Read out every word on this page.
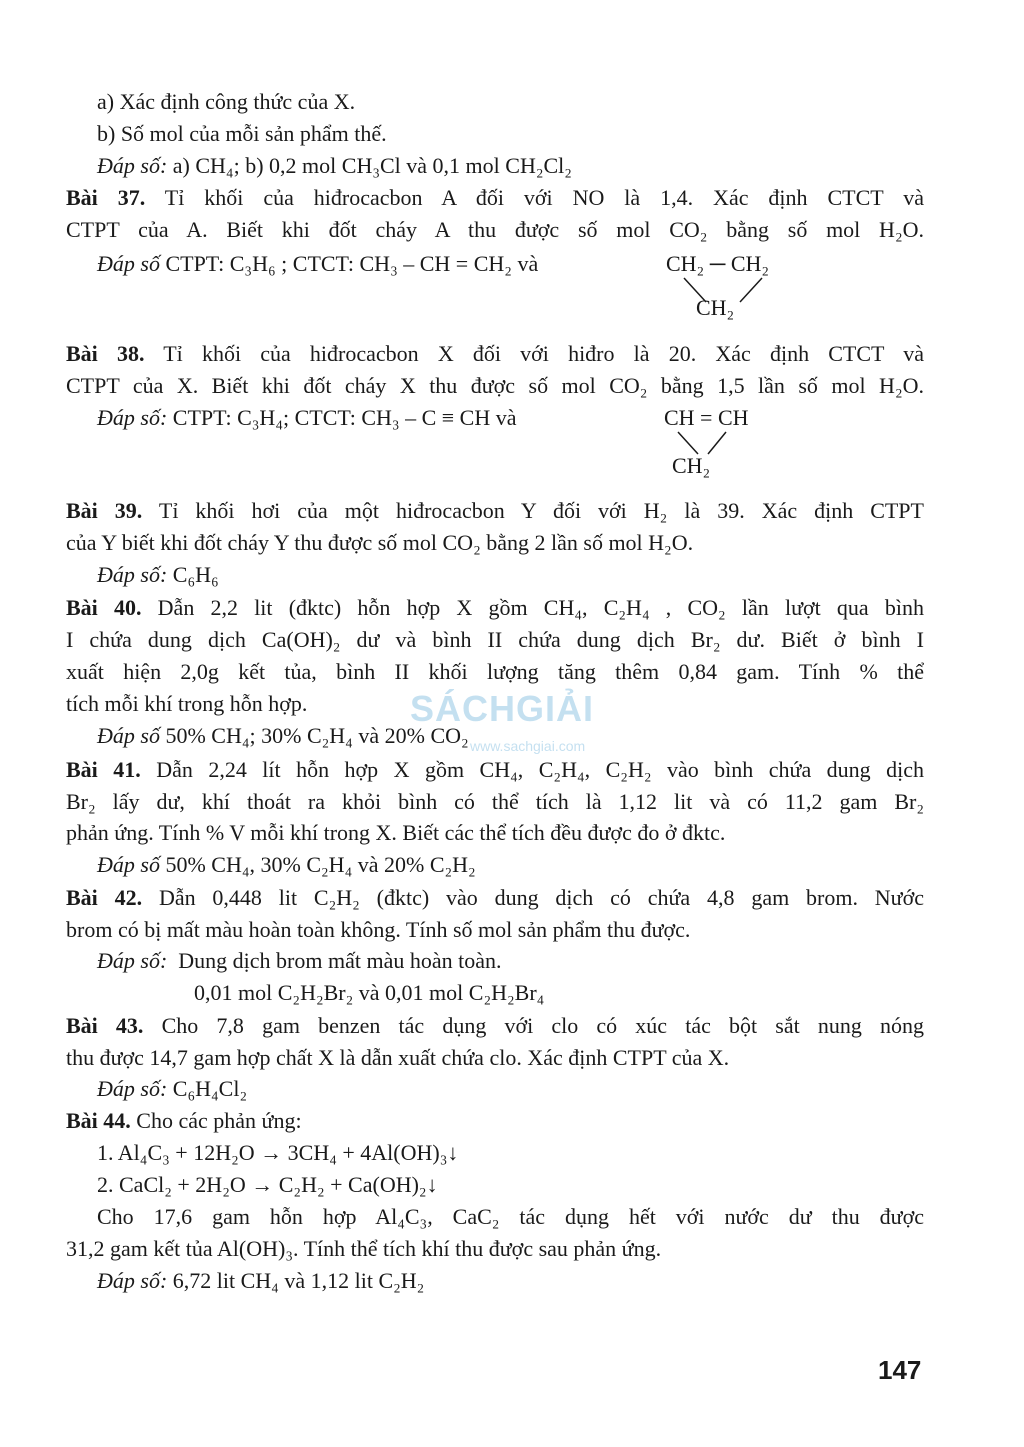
a) Xác định công thức của X.
b) Số mol của mỗi sản phẩm thế.
Đáp số: a) CH₄; b) 0,2 mol CH₃Cl và 0,1 mol CH₂Cl₂
Bài 37. Tỉ khối của hiđrocacbon A đối với NO là 1,4. Xác định CTCT và
CTPT của A. Biết khi đốt cháy A thu được số mol CO₂ bằng số mol H₂O.
Đáp số CTPT: C₃H₆ ; CTCT: CH₃ – CH = CH₂ và	CH₂ ─ CH₂
CH₂
Bài 38. Tỉ khối của hiđrocacbon X đối với hiđro là 20. Xác định CTCT và
CTPT của X. Biết khi đốt cháy X thu được số mol CO₂ bằng 1,5 lần số mol H₂O.
Đáp số: CTPT: C₃H₄; CTCT: CH₃ – C ≡ CH và	CH = CH
CH₂
Bài 39. Tỉ khối hơi của một hiđrocacbon Y đối với H₂ là 39. Xác định CTPT
của Y biết khi đốt cháy Y thu được số mol CO₂ bằng 2 lần số mol H₂O.
Đáp số: C₆H₆
Bài 40. Dẫn 2,2 lit (đktc) hỗn hợp X gồm CH₄, C₂H₄ , CO₂ lần lượt qua bình
I chứa dung dịch Ca(OH)₂ dư và bình II chứa dung dịch Br₂ dư. Biết ở bình I
xuất hiện 2,0g kết tủa, bình II khối lượng tăng thêm 0,84 gam. Tính % thể
tích mỗi khí trong hỗn hợp.
Đáp số 50% CH₄; 30% C₂H₄ và 20% CO₂
SÁCHGIẢI
www.sachgiai.com
Bài 41. Dẫn 2,24 lít hỗn hợp X gồm CH₄, C₂H₄, C₂H₂ vào bình chứa dung dịch
Br₂ lấy dư, khí thoát ra khỏi bình có thể tích là 1,12 lit và có 11,2 gam Br₂
phản ứng. Tính % V mỗi khí trong X. Biết các thể tích đều được đo ở đktc.
Đáp số 50% CH₄, 30% C₂H₄ và 20% C₂H₂
Bài 42. Dẫn 0,448 lit C₂H₂ (đktc) vào dung dịch có chứa 4,8 gam brom. Nước
brom có bị mất màu hoàn toàn không. Tính số mol sản phẩm thu được.
Đáp số: Dung dịch brom mất màu hoàn toàn.
0,01 mol C₂H₂Br₂ và 0,01 mol C₂H₂Br₄
Bài 43. Cho 7,8 gam benzen tác dụng với clo có xúc tác bột sắt nung nóng
thu được 14,7 gam hợp chất X là dẫn xuất chứa clo. Xác định CTPT của X.
Đáp số: C₆H₄Cl₂
Bài 44. Cho các phản ứng:
1. Al₄C₃ + 12H₂O → 3CH₄ + 4Al(OH)₃↓
2. CaCl₂ + 2H₂O → C₂H₂ + Ca(OH)₂↓
Cho 17,6 gam hỗn hợp Al₄C₃, CaC₂ tác dụng hết với nước dư thu được
31,2 gam kết tủa Al(OH)₃. Tính thể tích khí thu được sau phản ứng.
Đáp số: 6,72 lit CH₄ và 1,12 lit C₂H₂
147
